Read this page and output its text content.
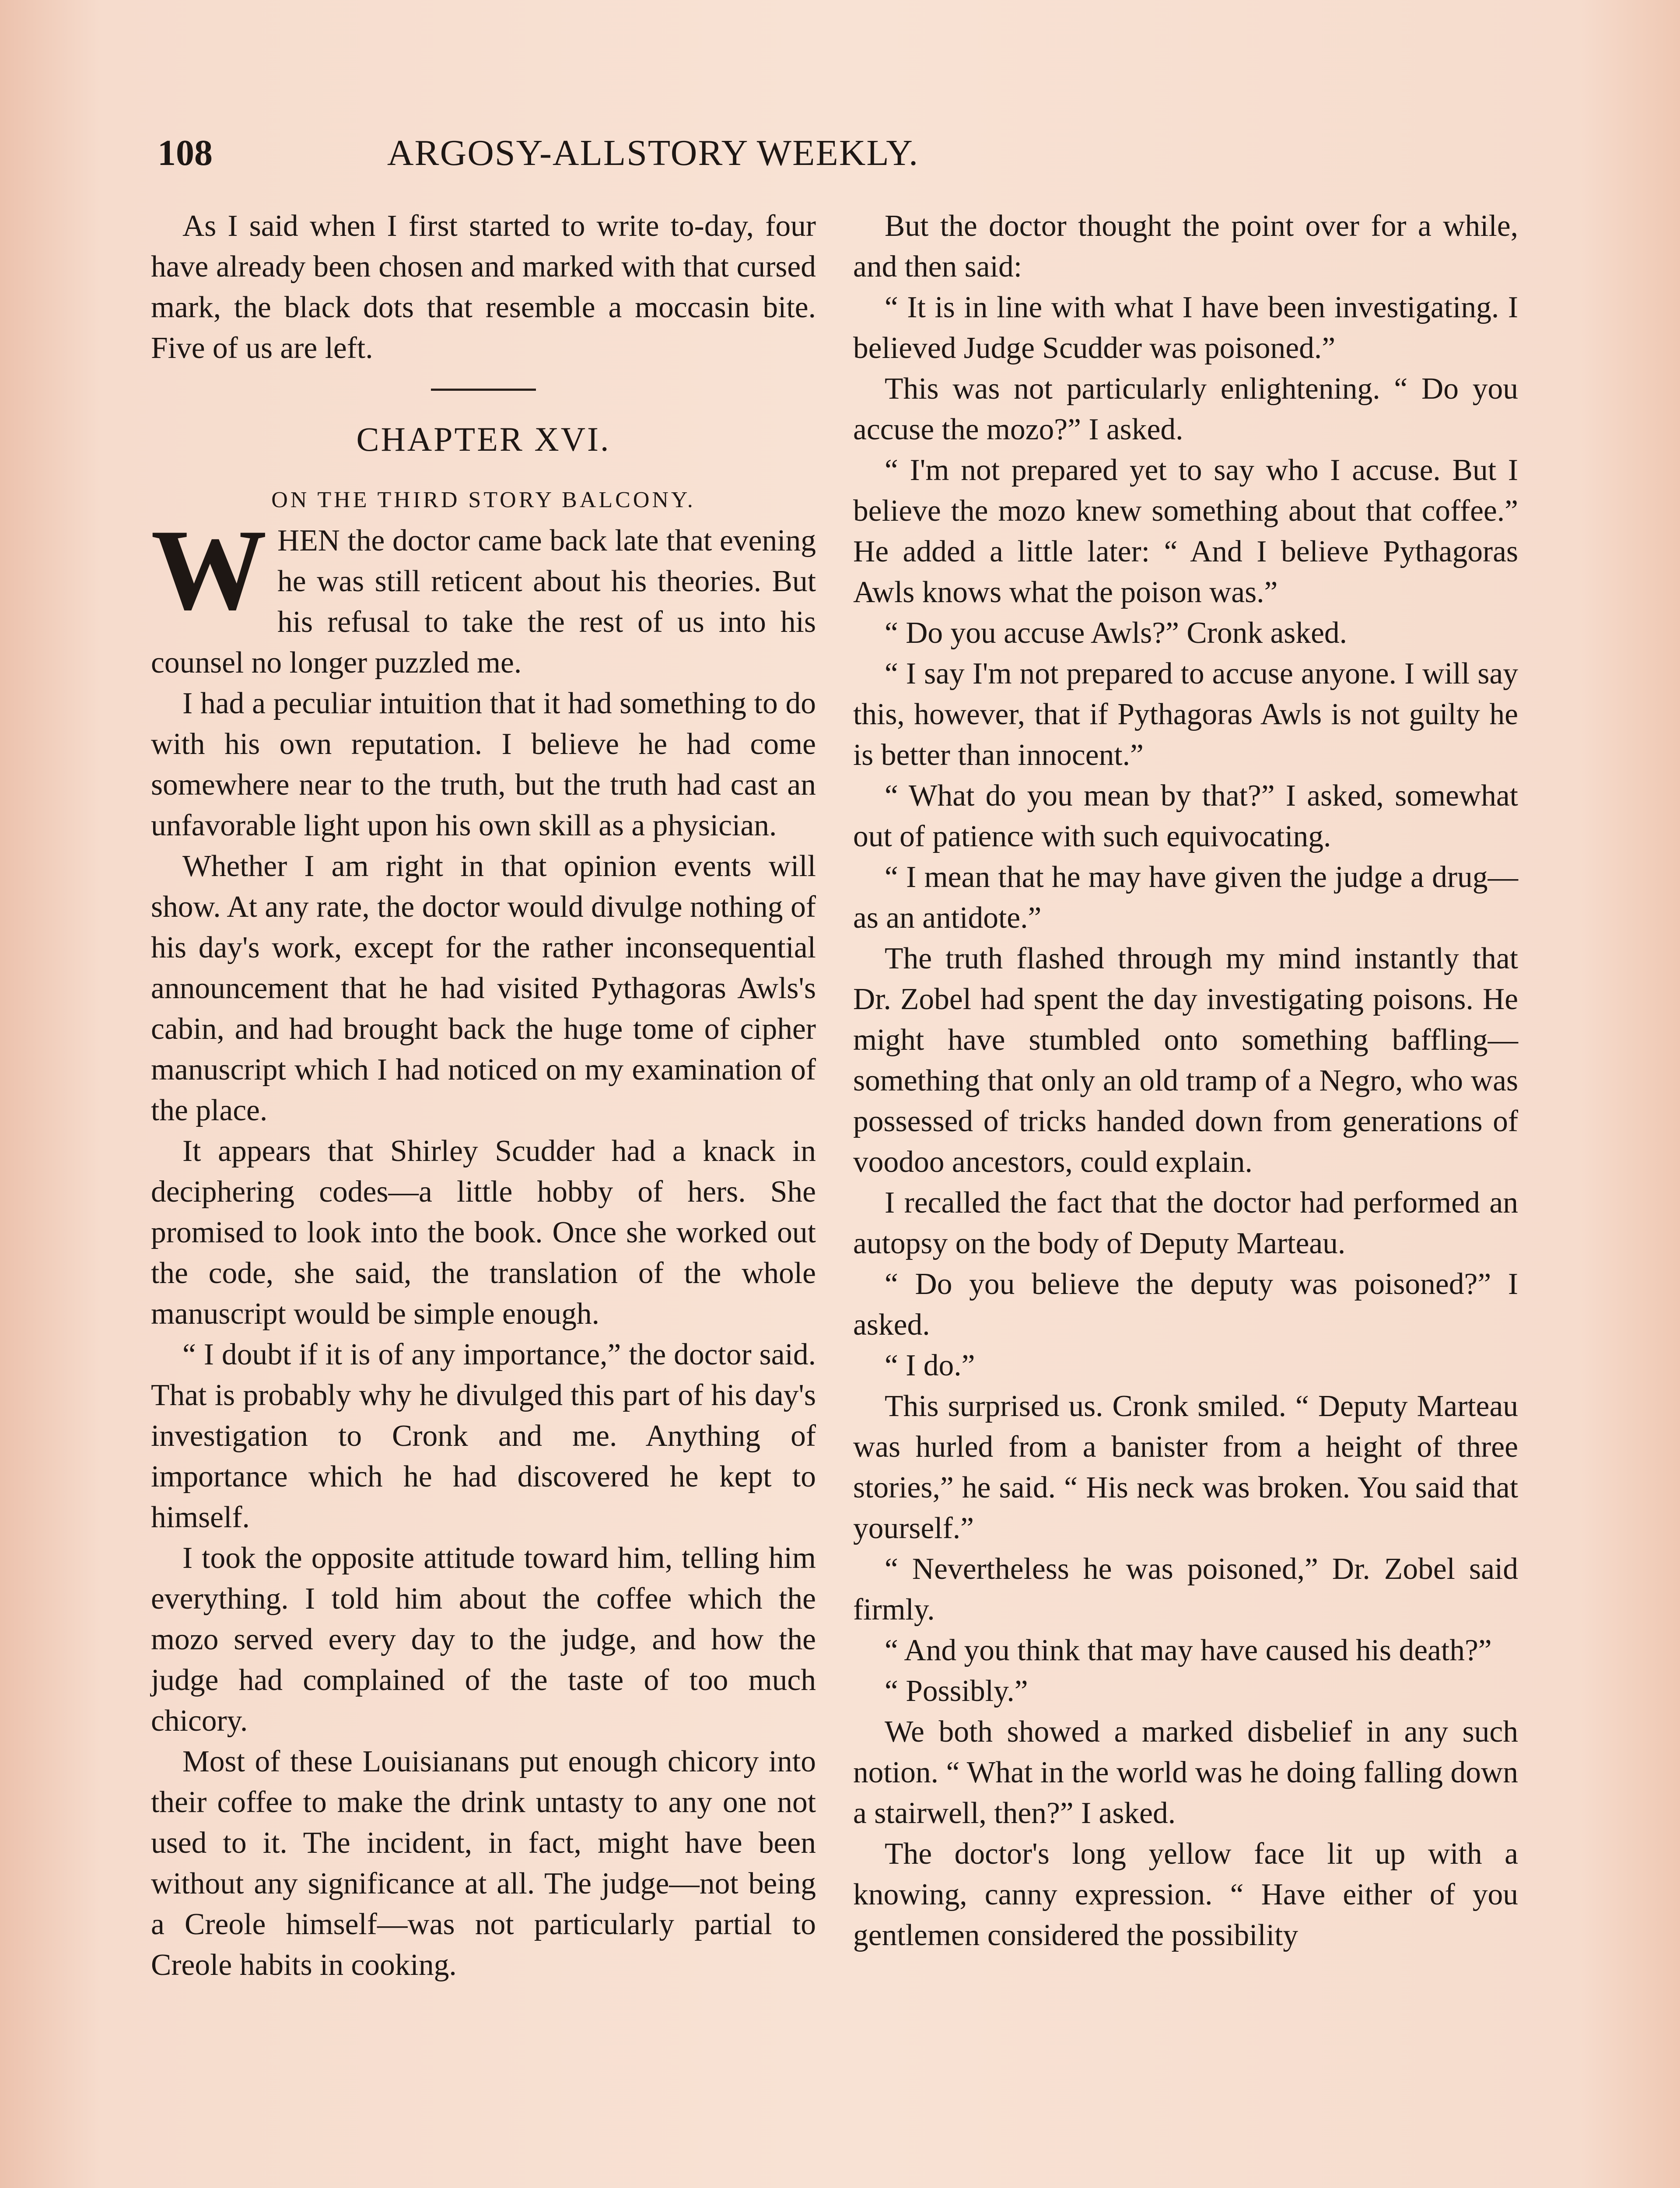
108	ARGOSY-ALLSTORY WEEKLY.

As I said when I first started to write to-day, four have already been chosen and marked with that cursed mark, the black dots that resemble a moccasin bite. Five of us are left.

CHAPTER XVI.
ON THE THIRD STORY BALCONY.

WHEN the doctor came back late that evening he was still reticent about his theories. But his refusal to take the rest of us into his counsel no longer puzzled me.

I had a peculiar intuition that it had something to do with his own reputation. I believe he had come somewhere near to the truth, but the truth had cast an unfavorable light upon his own skill as a physician.

Whether I am right in that opinion events will show. At any rate, the doctor would divulge nothing of his day's work, except for the rather inconsequential announcement that he had visited Pythagoras Awls's cabin, and had brought back the huge tome of cipher manuscript which I had noticed on my examination of the place.

It appears that Shirley Scudder had a knack in deciphering codes—a little hobby of hers. She promised to look into the book. Once she worked out the code, she said, the translation of the whole manuscript would be simple enough.

“ I doubt if it is of any importance,” the doctor said. That is probably why he divulged this part of his day's investigation to Cronk and me. Anything of importance which he had discovered he kept to himself.

I took the opposite attitude toward him, telling him everything. I told him about the coffee which the mozo served every day to the judge, and how the judge had complained of the taste of too much chicory.

Most of these Louisianans put enough chicory into their coffee to make the drink untasty to any one not used to it. The incident, in fact, might have been without any significance at all. The judge—not being a Creole himself—was not particularly partial to Creole habits in cooking.

But the doctor thought the point over for a while, and then said:

“ It is in line with what I have been investigating. I believed Judge Scudder was poisoned.”

This was not particularly enlightening. “ Do you accuse the mozo?” I asked.

“ I'm not prepared yet to say who I accuse. But I believe the mozo knew something about that coffee.” He added a little later: “ And I believe Pythagoras Awls knows what the poison was.”

“ Do you accuse Awls?” Cronk asked.

“ I say I'm not prepared to accuse anyone. I will say this, however, that if Pythagoras Awls is not guilty he is better than innocent.”

“ What do you mean by that?” I asked, somewhat out of patience with such equivocating.

“ I mean that he may have given the judge a drug—as an antidote.”

The truth flashed through my mind instantly that Dr. Zobel had spent the day investigating poisons. He might have stumbled onto something baffling—something that only an old tramp of a Negro, who was possessed of tricks handed down from generations of voodoo ancestors, could explain.

I recalled the fact that the doctor had performed an autopsy on the body of Deputy Marteau.

“ Do you believe the deputy was poisoned?” I asked.

“ I do.”

This surprised us. Cronk smiled. “ Deputy Marteau was hurled from a banister from a height of three stories,” he said. “ His neck was broken. You said that yourself.”

“ Nevertheless he was poisoned,” Dr. Zobel said firmly.

“ And you think that may have caused his death?”

“ Possibly.”

We both showed a marked disbelief in any such notion. “ What in the world was he doing falling down a stairwell, then?” I asked.

The doctor's long yellow face lit up with a knowing, canny expression. “ Have either of you gentlemen considered the possibility
